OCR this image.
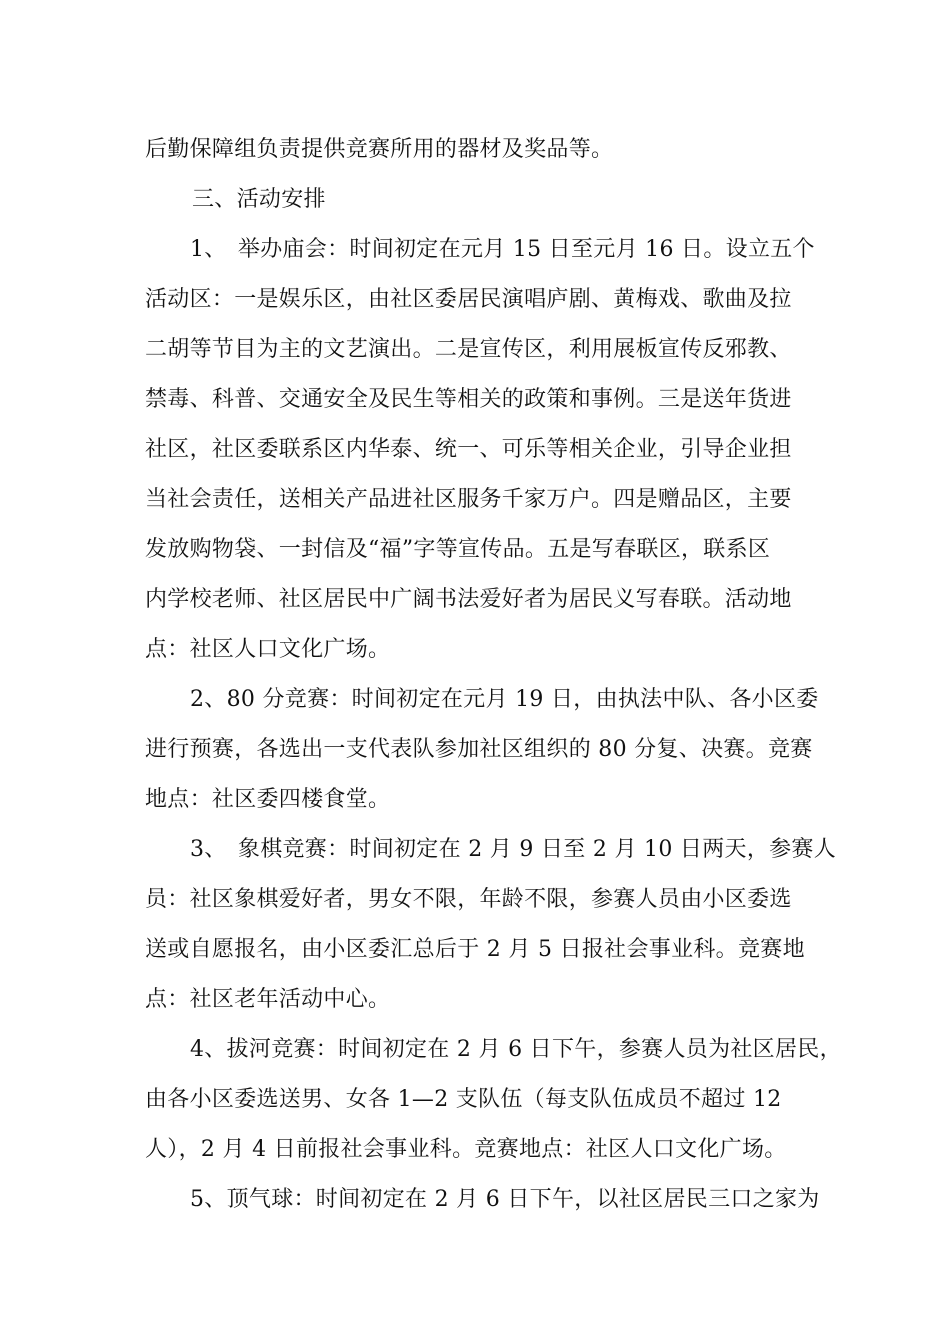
后勤保障组负责提供竞赛所用的器材及奖品等。
三、活动安排
1、　举办庙会：时间初定在元月 15 日至元月 16 日。设立五个
活动区：一是娱乐区，由社区委居民演唱庐剧、黄梅戏、歌曲及拉
二胡等节目为主的文艺演出。二是宣传区，利用展板宣传反邪教、
禁毒、科普、交通安全及民生等相关的政策和事例。三是送年货进
社区，社区委联系区内华泰、统一、可乐等相关企业，引导企业担
当社会责任，送相关产品进社区服务千家万户。四是赠品区，主要
发放购物袋、一封信及“福”字等宣传品。五是写春联区，联系区
内学校老师、社区居民中广阔书法爱好者为居民义写春联。活动地
点：社区人口文化广场。
2、80 分竞赛：时间初定在元月 19 日，由执法中队、各小区委
进行预赛，各选出一支代表队参加社区组织的 80 分复、决赛。竞赛
地点：社区委四楼食堂。
3、　象棋竞赛：时间初定在 2 月 9 日至 2 月 10 日两天，参赛人
员：社区象棋爱好者，男女不限，年龄不限，参赛人员由小区委选
送或自愿报名，由小区委汇总后于 2 月 5 日报社会事业科。竞赛地
点：社区老年活动中心。
4、拔河竞赛：时间初定在 2 月 6 日下午，参赛人员为社区居民，
由各小区委选送男、女各 1—2 支队伍（每支队伍成员不超过 12
人），2 月 4 日前报社会事业科。竞赛地点：社区人口文化广场。
5、顶气球：时间初定在 2 月 6 日下午，以社区居民三口之家为
